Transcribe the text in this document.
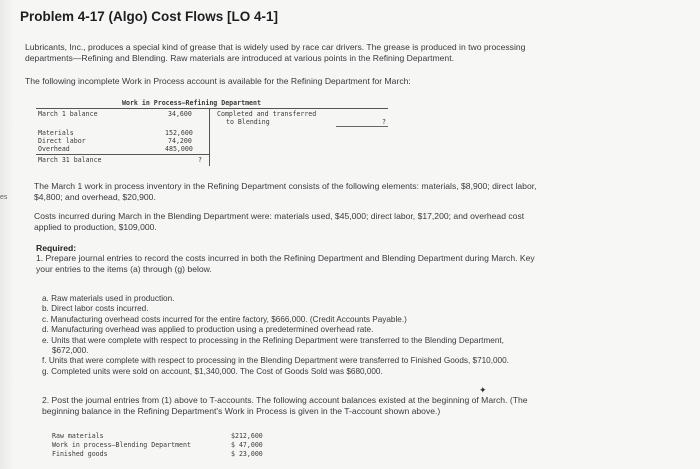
es
Problem 4-17 (Algo) Cost Flows [LO 4-1]
Lubricants, Inc., produces a special kind of grease that is widely used by race car drivers. The grease is produced in two processing
departments—Refining and Blending. Raw materials are introduced at various points in the Refining Department.
The following incomplete Work in Process account is available for the Refining Department for March:
Work in Process—Refining Department
March 1 balance	34,600
Materials	152,600
Direct labor	74,200
Overhead	485,000
March 31 balance	?
Completed and transferred
to Blending	?
The March 1 work in process inventory in the Refining Department consists of the following elements: materials, $8,900; direct labor,
$4,800; and overhead, $20,900.
Costs incurred during March in the Blending Department were: materials used, $45,000; direct labor, $17,200; and overhead cost
applied to production, $109,000.
Required:
1. Prepare journal entries to record the costs incurred in both the Refining Department and Blending Department during March. Key
your entries to the items (a) through (g) below.
a. Raw materials used in production.
b. Direct labor costs incurred.
c. Manufacturing overhead costs incurred for the entire factory, $666,000. (Credit Accounts Payable.)
d. Manufacturing overhead was applied to production using a predetermined overhead rate.
e. Units that were complete with respect to processing in the Refining Department were transferred to the Blending Department,
$672,000.
f. Units that were complete with respect to processing in the Blending Department were transferred to Finished Goods, $710,000.
g. Completed units were sold on account, $1,340,000. The Cost of Goods Sold was $680,000.
✦
2. Post the journal entries from (1) above to T-accounts. The following account balances existed at the beginning of March. (The
beginning balance in the Refining Department's Work in Process is given in the T-account shown above.)
Raw materials	$212,600
Work in process—Blending Department	$ 47,000
Finished goods	$ 23,000
